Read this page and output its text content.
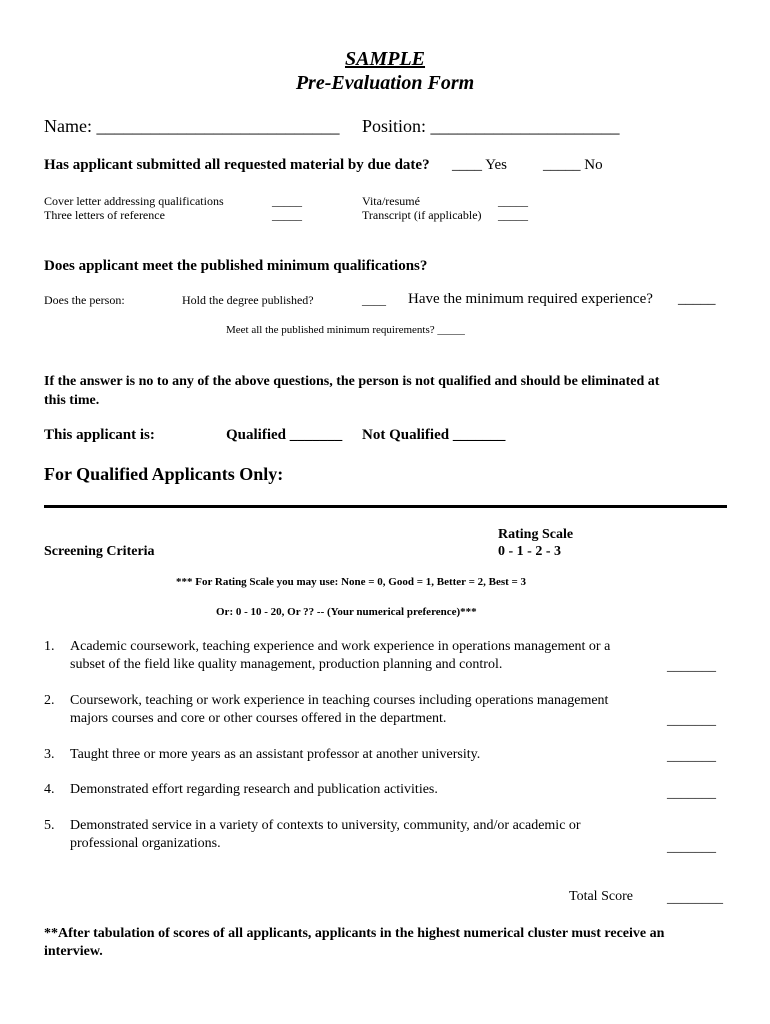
SAMPLE
Pre-Evaluation Form
Name: ___________________________ Position: _____________________
Has applicant submitted all requested material by due date? ____ Yes _____ No
Cover letter addressing qualifications	_____
Three letters of reference	_____
Vita/resumé	_____
Transcript (if applicable) _____
Does applicant meet the published minimum qualifications?
Does the person:	Hold the degree published?	____ Have the minimum required experience? _____
Meet all the published minimum requirements? _____
If the answer is no to any of the above questions, the person is not qualified and should be eliminated at
this time.
This applicant is:	Qualified _______ Not Qualified _______
For Qualified Applicants Only:
Screening Criteria
Rating Scale
0 - 1 - 2 - 3
*** For Rating Scale you may use: None = 0, Good = 1, Better = 2, Best = 3
Or: 0 - 10 - 20, Or ?? -- (Your numerical preference)***
1. Academic coursework, teaching experience and work experience in operations management or a
subset of the field like quality management, production planning and control.	_______
2. Coursework, teaching or work experience in teaching courses including operations management
majors courses and core or other courses offered in the department.	_______
3. Taught three or more years as an assistant professor at another university.	_______
4. Demonstrated effort regarding research and publication activities.	_______
5. Demonstrated service in a variety of contexts to university, community, and/or academic or
professional organizations.	_______
Total Score ________
**After tabulation of scores of all applicants, applicants in the highest numerical cluster must receive an
interview.
